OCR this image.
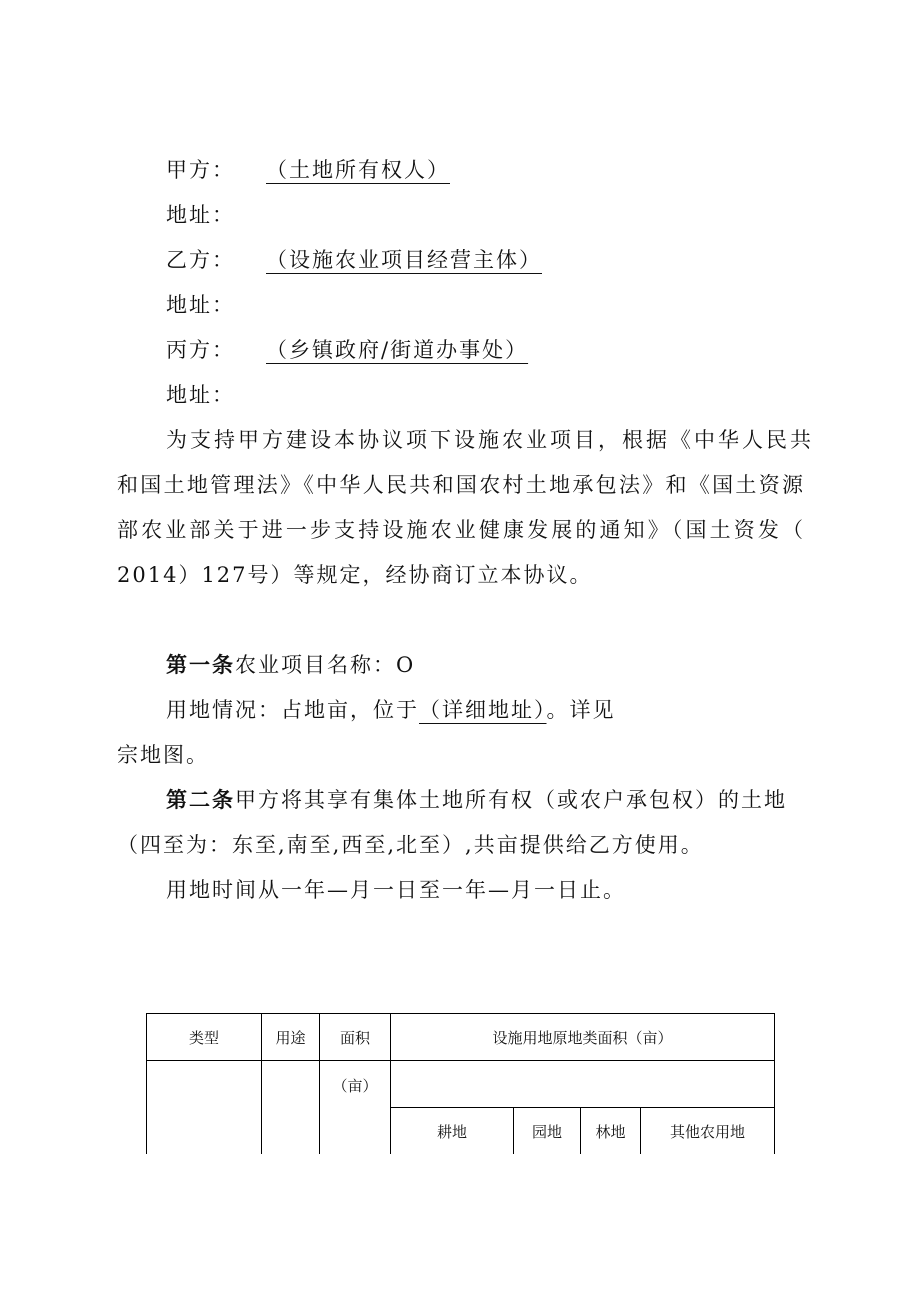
甲方： （土地所有权人）
地址：
乙方： （设施农业项目经营主体）
地址：
丙方： （乡镇政府/街道办事处）
地址：
为支持甲方建设本协议项下设施农业项目，根据《中华人民共
和国土地管理法》《中华人民共和国农村土地承包法》和《国土资源
部农业部关于进一步支持设施农业健康发展的通知》（国土资发（
2014）127号）等规定，经协商订立本协议。
第一条农业项目名称：O
用地情况：占地亩，位于（详细地址）。详见
宗地图。
第二条甲方将其享有集体土地所有权（或农户承包权）的土地
（四至为：东至,南至,西至,北至）,共亩提供给乙方使用。
用地时间从一年—月一日至一年—月一日止。
类型	用途	面积	设施用地原地类面积（亩）			
		（亩）				
			耕地	园地	林地	其他农用地
